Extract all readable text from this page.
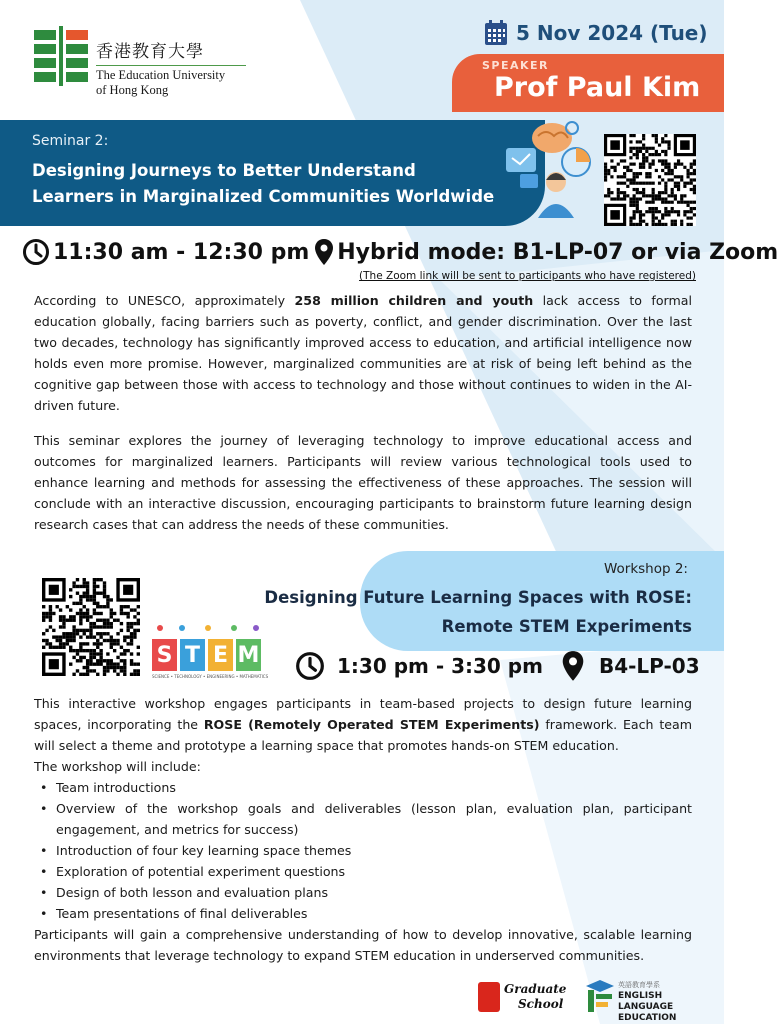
香港教育大學
The Education University
of Hong Kong
5 Nov 2024 (Tue)
SPEAKER
Prof Paul Kim
Seminar 2:
Designing Journeys to Better Understand
Learners in Marginalized Communities Worldwide
11:30 am - 12:30 pm Hybrid mode: B1-LP-07 or via Zoom
(The Zoom link will be sent to participants who have registered)

According to UNESCO, approximately 258 million children and youth lack access to formal education globally, facing barriers such as poverty, conflict, and gender discrimination. Over the last two decades, technology has significantly improved access to education, and artificial intelligence now holds even more promise. However, marginalized communities are at risk of being left behind as the cognitive gap between those with access to technology and those without continues to widen in the AI-driven future.

This seminar explores the journey of leveraging technology to improve educational access and outcomes for marginalized learners. Participants will review various technological tools used to enhance learning and methods for assessing the effectiveness of these approaches. The session will conclude with an interactive discussion, encouraging participants to brainstorm future learning design research cases that can address the needs of these communities.

Workshop 2:
Designing Future Learning Spaces with ROSE:
Remote STEM Experiments
S T E M
SCIENCE • TECHNOLOGY • ENGINEERING • MATHEMATICS	1:30 pm - 3:30 pm	B4-LP-03

This interactive workshop engages participants in team-based projects to design future learning spaces, incorporating the ROSE (Remotely Operated STEM Experiments) framework. Each team will select a theme and prototype a learning space that promotes hands-on STEM education.

The workshop will include:

• Team introductions
• Overview of the workshop goals and deliverables (lesson plan, evaluation plan, participant engagement, and metrics for success)
• Introduction of four key learning space themes
• Exploration of potential experiment questions
• Design of both lesson and evaluation plans
• Team presentations of final deliverables

Participants will gain a comprehensive understanding of how to develop innovative, scalable learning environments that leverage technology to expand STEM education in underserved communities.

Graduate
School
英語教育學系
ENGLISH LANGUAGE
EDUCATION
